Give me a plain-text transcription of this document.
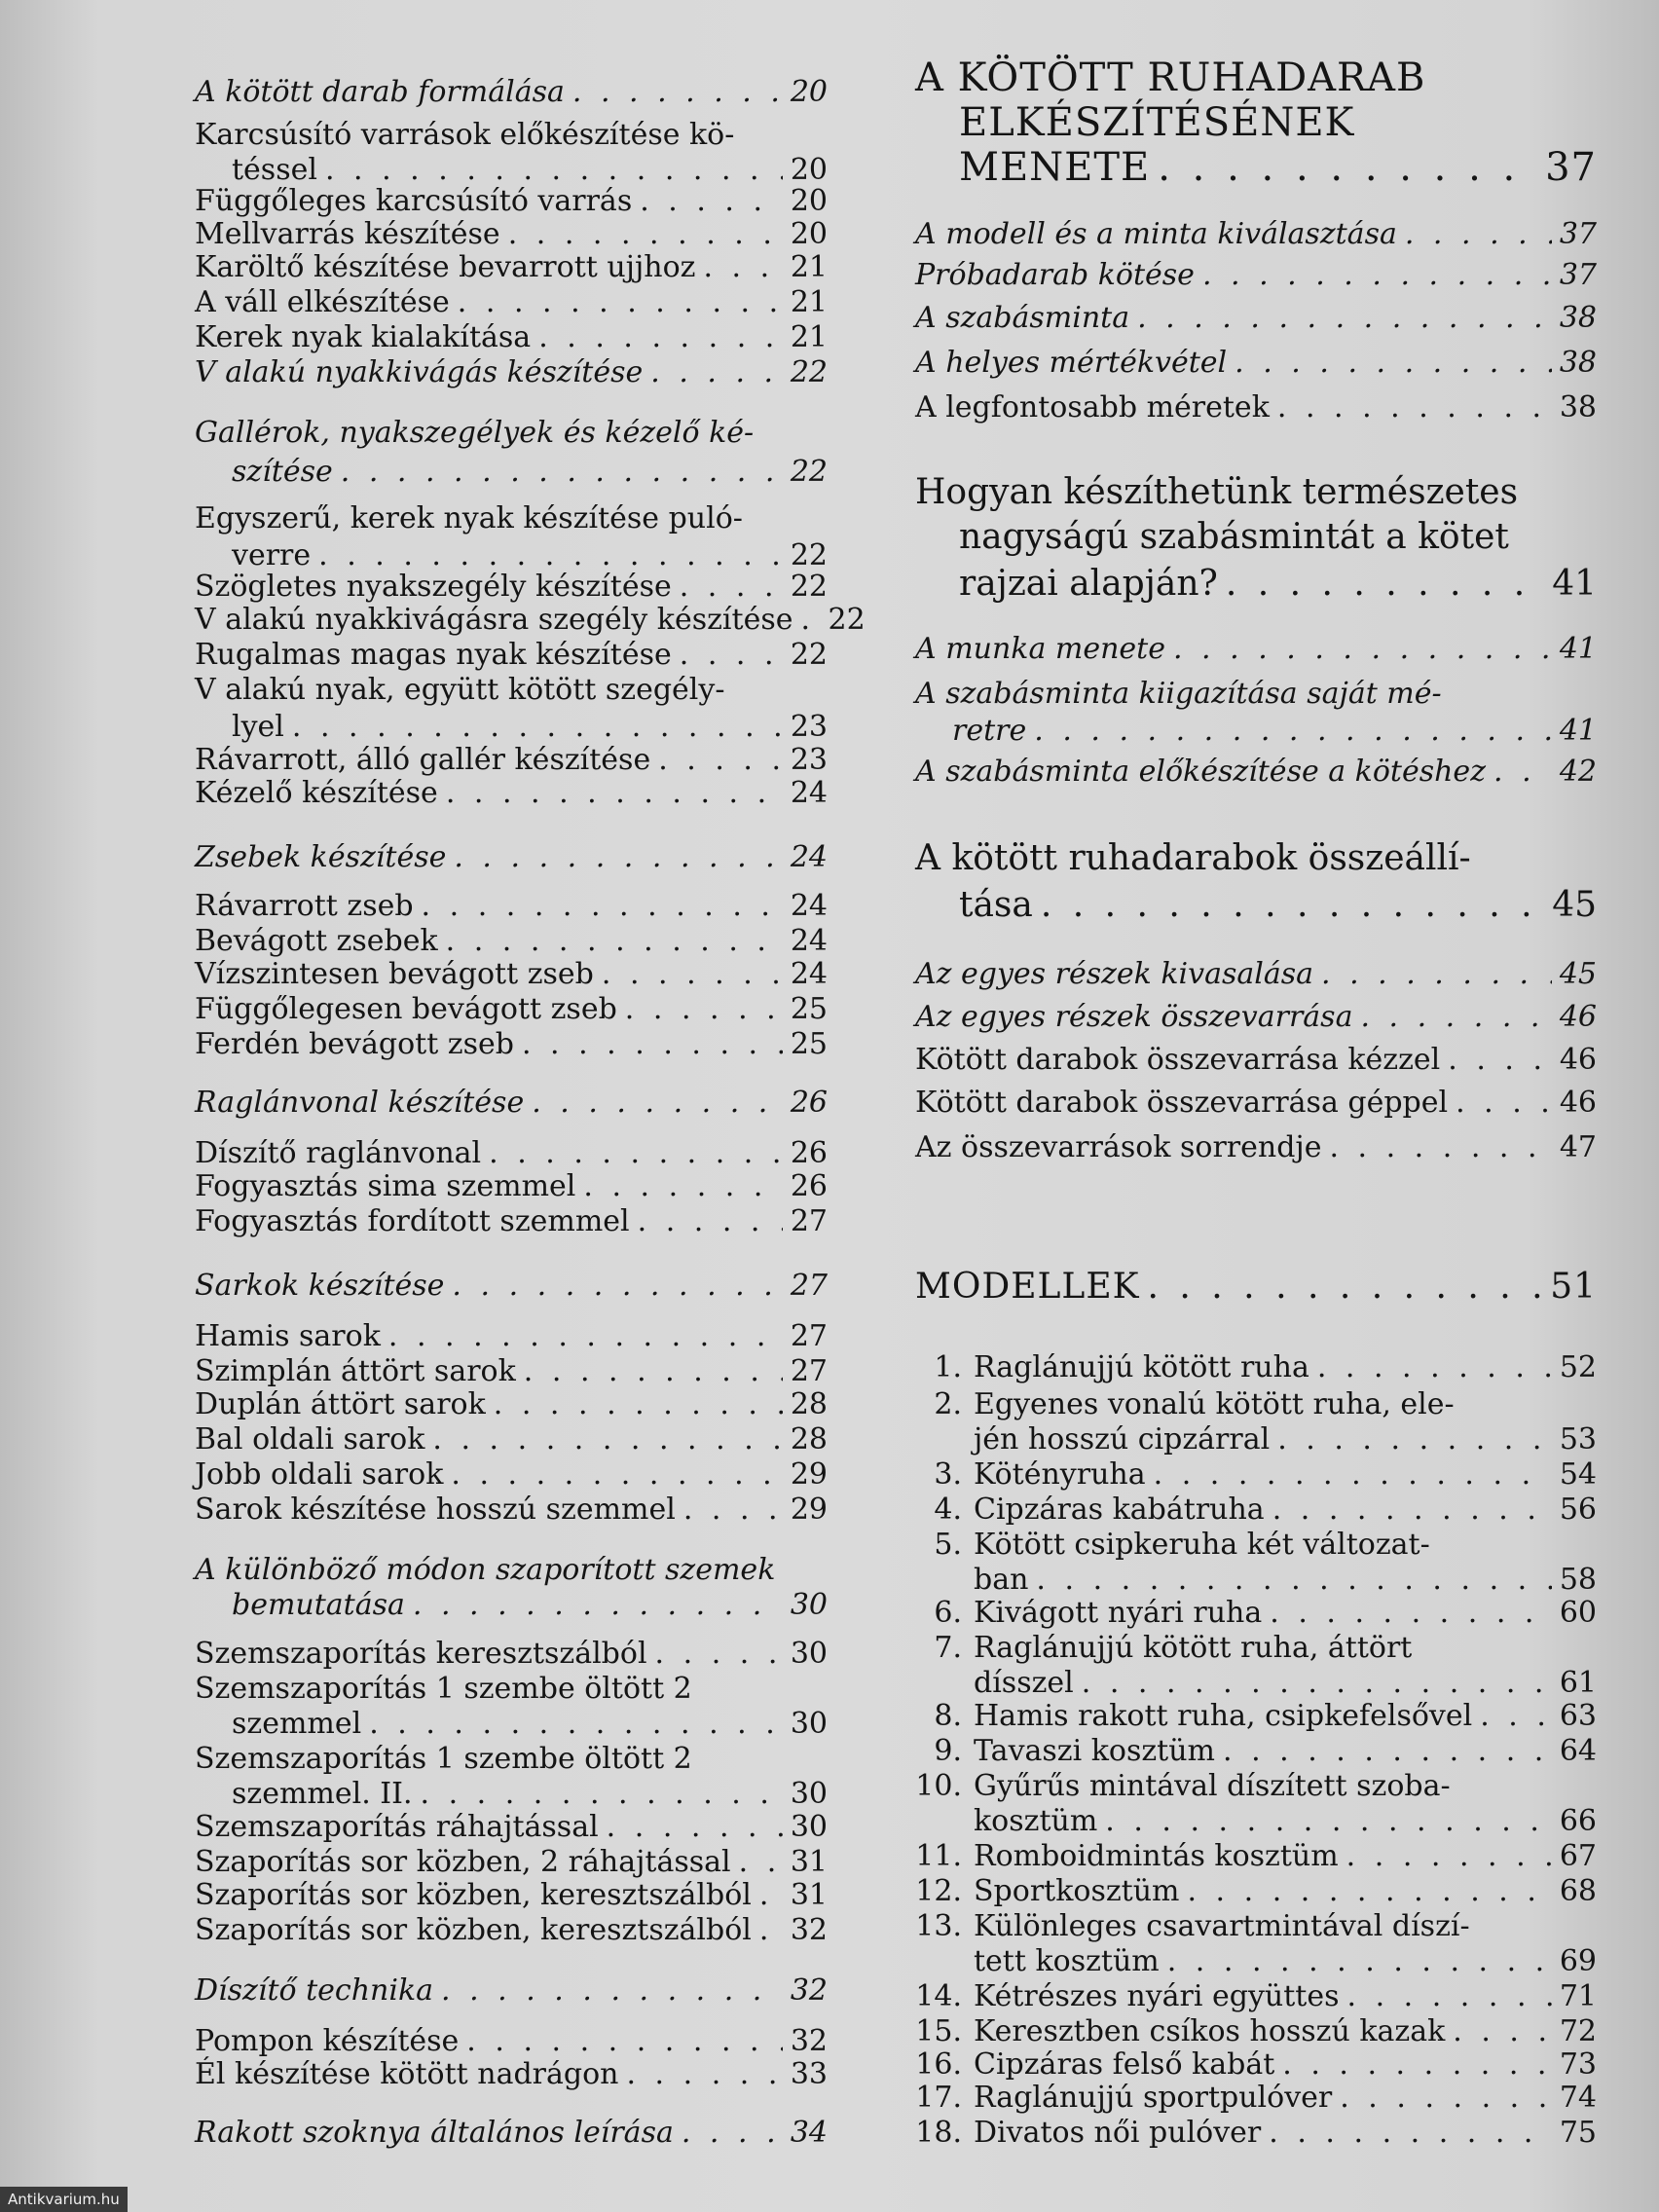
A kötött darab formálása . . .	20
Karcsúsító varrások előkészítése kö-
téssel . . .	20
Függőleges karcsúsító varrás . . .	20
Mellvarrás készítése . . .	20
Karöltő készítése bevarrott ujjhoz . . .	21
A váll elkészítése . . .	21
Kerek nyak kialakítása . . .	21
V alakú nyakkivágás készítése . . .	22
Gallérok, nyakszegélyek és kézelő ké-
szítése . . .	22
Egyszerű, kerek nyak készítése puló-
verre . . .	22
Szögletes nyakszegély készítése . . .	22
V alakú nyakkivágásra szegély készítése . . . 22
Rugalmas magas nyak készítése . . .	22
V alakú nyak, együtt kötött szegély-
lyel . . .	23
Rávarrott, álló gallér készítése . . .	23
Kézelő készítése . . .	24
Zsebek készítése . . .	24
Rávarrott zseb . . .	24
Bevágott zsebek . . .	24
Vízszintesen bevágott zseb . . .	24
Függőlegesen bevágott zseb . . .	25
Ferdén bevágott zseb . . .	25
Raglánvonal készítése . . .	26
Díszítő raglánvonal . . .	26
Fogyasztás sima szemmel . . .	26
Fogyasztás fordított szemmel . . .	27
Sarkok készítése . . .	27
Hamis sarok . . .	27
Szimplán áttört sarok . . .	27
Duplán áttört sarok . . .	28
Bal oldali sarok . . .	28
Jobb oldali sarok . . .	29
Sarok készítése hosszú szemmel . . .	29
A különböző módon szaporított szemek
bemutatása . . .	30
Szemszaporítás keresztszálból . . .	30
Szemszaporítás 1 szembe öltött 2
szemmel . . .	30
Szemszaporítás 1 szembe öltött 2
szemmel. II. . . .	30
Szemszaporítás ráhajtással . . .	30
Szaporítás sor közben, 2 ráhajtással . . . 31
Szaporítás sor közben, keresztszálból . . . 31
Szaporítás sor közben, keresztszálból . . . 32
Díszítő technika . . .	32
Pompon készítése . . .	32
Él készítése kötött nadrágon . . .	33
Rakott szoknya általános leírása . . .	34
A KÖTÖTT RUHADARAB
ELKÉSZÍTÉSÉNEK
MENETE . . .	37
A modell és a minta kiválasztása . . .	37
Próbadarab kötése . . .	37
A szabásminta . . .	38
A helyes mértékvétel . . .	38
A legfontosabb méretek . . .	38
Hogyan készíthetünk természetes
nagyságú szabásmintát a kötet
rajzai alapján? . . .	41
A munka menete . . .	41
A szabásminta kiigazítása saját mé-
retre . . .	41
A szabásminta előkészítése a kötéshez . . .	42
A kötött ruhadarabok összeállí-
tása . . .	45
Az egyes részek kivasalása . . .	45
Az egyes részek összevarrása . . .	46
Kötött darabok összevarrása kézzel . . .	46
Kötött darabok összevarrása géppel . . .	46
Az összevarrások sorrendje . . .	47
MODELLEK . . .	51
1. Raglánujjú kötött ruha . . .	52
2. Egyenes vonalú kötött ruha, ele-
jén hosszú cipzárral . . .	53
3. Kötényruha . . .	54
4. Cipzáras kabátruha . . .	56
5. Kötött csipkeruha két változat-
ban . . .	58
6. Kivágott nyári ruha . . .	60
7. Raglánujjú kötött ruha, áttört
dísszel . . .	61
8. Hamis rakott ruha, csipkefelsővel . . .	63
9. Tavaszi kosztüm . . .	64
10. Gyűrűs mintával díszített szoba-
kosztüm . . .	66
11. Romboidmintás kosztüm . . .	67
12. Sportkosztüm . . .	68
13. Különleges csavartmintával díszí-
tett kosztüm . . .	69
14. Kétrészes nyári együttes . . .	71
15. Keresztben csíkos hosszú kazak . . .	72
16. Cipzáras felső kabát . . .	73
17. Raglánujjú sportpulóver . . .	74
18. Divatos női pulóver . . .	75
Antikvarium.hu
